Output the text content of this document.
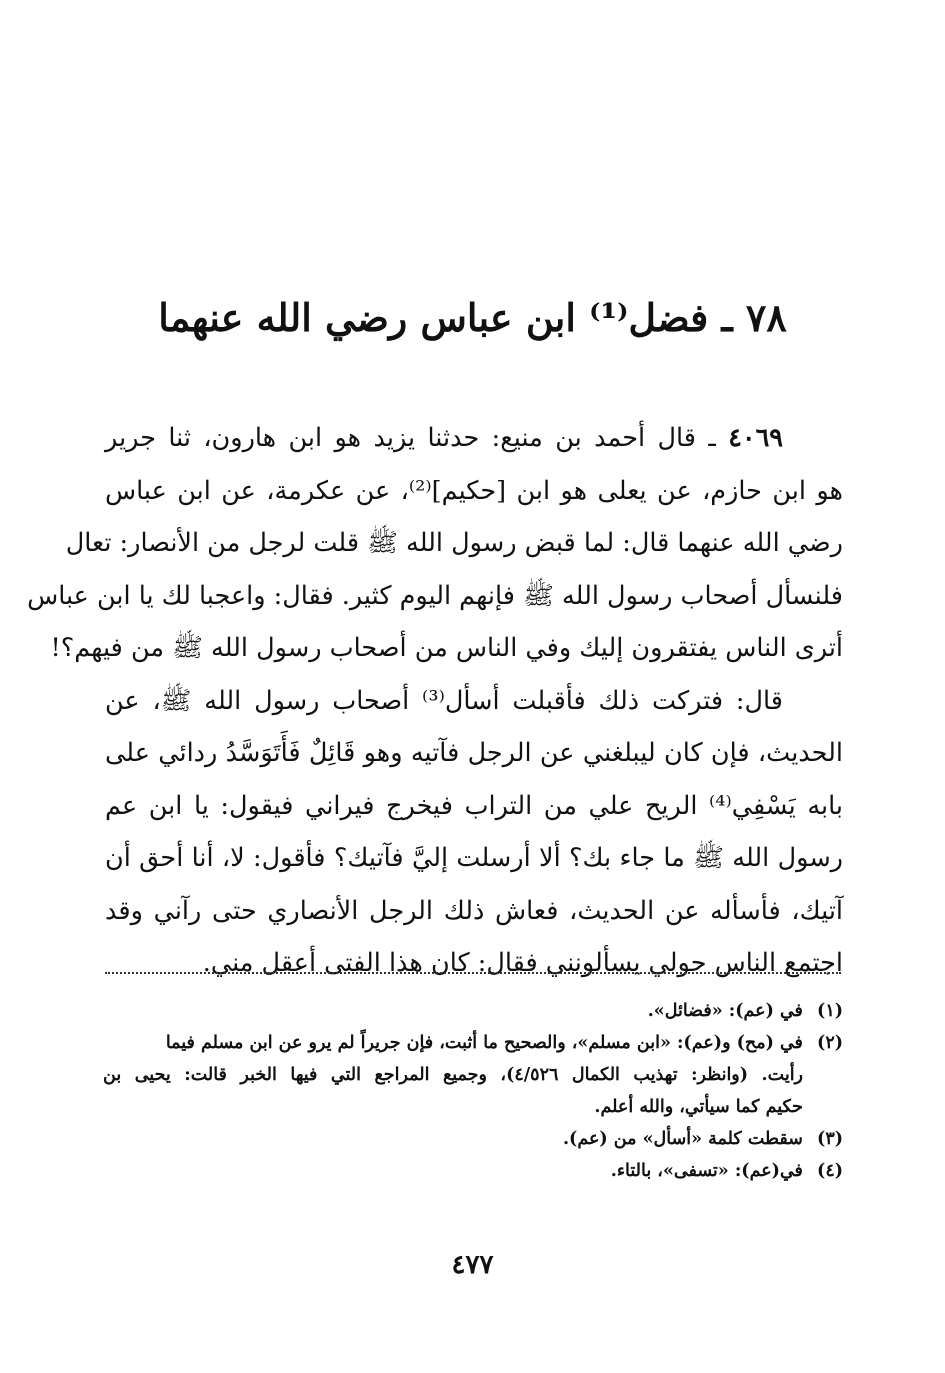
٧٨ ـ فضل⁽¹⁾ ابن عباس رضي الله عنهما
٤٠٦٩ ـ قال أحمد بن منيع: حدثنا يزيد هو ابن هارون، ثنا جرير
هو ابن حازم، عن يعلى هو ابن [حكيم]⁽²⁾، عن عكرمة، عن ابن عباس
رضي الله عنهما قال: لما قبض رسول الله ﷺ قلت لرجل من الأنصار: تعال
فلنسأل أصحاب رسول الله ﷺ فإنهم اليوم كثير. فقال: واعجبا لك يا ابن عباس
أترى الناس يفتقرون إليك وفي الناس من أصحاب رسول الله ﷺ من فيهم؟!
قال: فتركت ذلك فأقبلت أسأل⁽³⁾ أصحاب رسول الله ﷺ، عن
الحديث، فإن كان ليبلغني عن الرجل فآتيه وهو قَائِلٌ فَأَتَوَسَّدُ ردائي على
بابه يَسْفِي⁽⁴⁾ الريح علي من التراب فيخرج فيراني فيقول: يا ابن عم
رسول الله ﷺ ما جاء بك؟ ألا أرسلت إليَّ فآتيك؟ فأقول: لا، أنا أحق أن
آتيك، فأسأله عن الحديث، فعاش ذلك الرجل الأنصاري حتى رآني وقد
اجتمع الناس حولي يسألونني فقال: كان هذا الفتى أعقل مني.
(١) في (عم): «فضائل».
(٢) في (مح) و(عم): «ابن مسلم»، والصحيح ما أثبت، فإن جريراً لم يرو عن ابن مسلم فيما
رأيت. (وانظر: تهذيب الكمال ٤/٥٢٦)، وجميع المراجع التي فيها الخبر قالت: يحيى بن
حكيم كما سيأتي، والله أعلم.
(٣) سقطت كلمة «أسأل» من (عم).
(٤) في(عم): «تسفى»، بالتاء.
٤٧٧
